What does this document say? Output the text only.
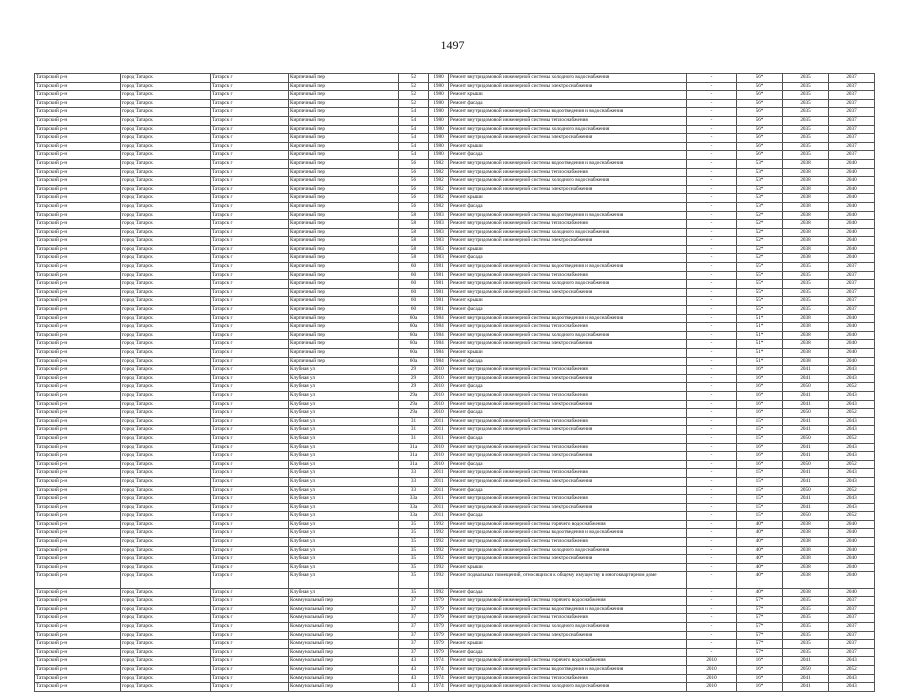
1497
Татарский р-н	город Татарск	Татарск г	Кирпичный пер	52	1980	Ремонт внутридомовой инженерной системы холодного водоснабжения	-	56*	2035	2037
Татарский р-н	город Татарск	Татарск г	Кирпичный пер	52	1980	Ремонт внутридомовой инженерной системы электроснабжения	-	56*	2035	2037
Татарский р-н	город Татарск	Татарск г	Кирпичный пер	52	1980	Ремонт крыши	-	56*	2035	2037
Татарский р-н	город Татарск	Татарск г	Кирпичный пер	52	1980	Ремонт фасада	-	56*	2035	2037
Татарский р-н	город Татарск	Татарск г	Кирпичный пер	54	1980	Ремонт внутридомовой инженерной системы водоотведения и водоснабжения	-	56*	2035	2037
Татарский р-н	город Татарск	Татарск г	Кирпичный пер	54	1980	Ремонт внутридомовой инженерной системы теплоснабжения	-	56*	2035	2037
Татарский р-н	город Татарск	Татарск г	Кирпичный пер	54	1980	Ремонт внутридомовой инженерной системы холодного водоснабжения	-	56*	2035	2037
Татарский р-н	город Татарск	Татарск г	Кирпичный пер	54	1980	Ремонт внутридомовой инженерной системы электроснабжения	-	56*	2035	2037
Татарский р-н	город Татарск	Татарск г	Кирпичный пер	54	1980	Ремонт крыши	-	56*	2035	2037
Татарский р-н	город Татарск	Татарск г	Кирпичный пер	54	1980	Ремонт фасада	-	56*	2035	2037
Татарский р-н	город Татарск	Татарск г	Кирпичный пер	56	1982	Ремонт внутридомовой инженерной системы водоотведения и водоснабжения	-	53*	2038	2040
Татарский р-н	город Татарск	Татарск г	Кирпичный пер	56	1982	Ремонт внутридомовой инженерной системы теплоснабжения	-	53*	2038	2040
Татарский р-н	город Татарск	Татарск г	Кирпичный пер	56	1982	Ремонт внутридомовой инженерной системы холодного водоснабжения	-	53*	2038	2040
Татарский р-н	город Татарск	Татарск г	Кирпичный пер	56	1982	Ремонт внутридомовой инженерной системы электроснабжения	-	53*	2038	2040
Татарский р-н	город Татарск	Татарск г	Кирпичный пер	56	1982	Ремонт крыши	-	53*	2038	2040
Татарский р-н	город Татарск	Татарск г	Кирпичный пер	56	1982	Ремонт фасада	-	53*	2038	2040
Татарский р-н	город Татарск	Татарск г	Кирпичный пер	58	1983	Ремонт внутридомовой инженерной системы водоотведения и водоснабжения	-	52*	2038	2040
Татарский р-н	город Татарск	Татарск г	Кирпичный пер	58	1983	Ремонт внутридомовой инженерной системы теплоснабжения	-	52*	2038	2040
Татарский р-н	город Татарск	Татарск г	Кирпичный пер	58	1983	Ремонт внутридомовой инженерной системы холодного водоснабжения	-	52*	2038	2040
Татарский р-н	город Татарск	Татарск г	Кирпичный пер	58	1983	Ремонт внутридомовой инженерной системы электроснабжения	-	52*	2038	2040
Татарский р-н	город Татарск	Татарск г	Кирпичный пер	58	1983	Ремонт крыши	-	52*	2038	2040
Татарский р-н	город Татарск	Татарск г	Кирпичный пер	58	1983	Ремонт фасада	-	52*	2038	2040
Татарский р-н	город Татарск	Татарск г	Кирпичный пер	60	1981	Ремонт внутридомовой инженерной системы водоотведения и водоснабжения	-	55*	2035	2037
Татарский р-н	город Татарск	Татарск г	Кирпичный пер	60	1981	Ремонт внутридомовой инженерной системы теплоснабжения	-	55*	2035	2037
Татарский р-н	город Татарск	Татарск г	Кирпичный пер	60	1981	Ремонт внутридомовой инженерной системы холодного водоснабжения	-	55*	2035	2037
Татарский р-н	город Татарск	Татарск г	Кирпичный пер	60	1981	Ремонт внутридомовой инженерной системы электроснабжения	-	55*	2035	2037
Татарский р-н	город Татарск	Татарск г	Кирпичный пер	60	1981	Ремонт крыши	-	55*	2035	2037
Татарский р-н	город Татарск	Татарск г	Кирпичный пер	60	1981	Ремонт фасада	-	55*	2035	2037
Татарский р-н	город Татарск	Татарск г	Кирпичный пер	60а	1984	Ремонт внутридомовой инженерной системы водоотведения и водоснабжения	-	51*	2038	2040
Татарский р-н	город Татарск	Татарск г	Кирпичный пер	60а	1984	Ремонт внутридомовой инженерной системы теплоснабжения	-	51*	2038	2040
Татарский р-н	город Татарск	Татарск г	Кирпичный пер	60а	1984	Ремонт внутридомовой инженерной системы холодного водоснабжения	-	51*	2038	2040
Татарский р-н	город Татарск	Татарск г	Кирпичный пер	60а	1984	Ремонт внутридомовой инженерной системы электроснабжения	-	51*	2038	2040
Татарский р-н	город Татарск	Татарск г	Кирпичный пер	60а	1984	Ремонт крыши	-	51*	2038	2040
Татарский р-н	город Татарск	Татарск г	Кирпичный пер	60а	1984	Ремонт фасада	-	51*	2038	2040
Татарский р-н	город Татарск	Татарск г	Клубная ул	29	2010	Ремонт внутридомовой инженерной системы теплоснабжения	-	16*	2041	2043
Татарский р-н	город Татарск	Татарск г	Клубная ул	29	2010	Ремонт внутридомовой инженерной системы электроснабжения	-	16*	2041	2043
Татарский р-н	город Татарск	Татарск г	Клубная ул	29	2010	Ремонт фасада	-	16*	2050	2052
Татарский р-н	город Татарск	Татарск г	Клубная ул	29а	2010	Ремонт внутридомовой инженерной системы теплоснабжения	-	16*	2041	2043
Татарский р-н	город Татарск	Татарск г	Клубная ул	29а	2010	Ремонт внутридомовой инженерной системы электроснабжения	-	16*	2041	2043
Татарский р-н	город Татарск	Татарск г	Клубная ул	29а	2010	Ремонт фасада	-	16*	2050	2052
Татарский р-н	город Татарск	Татарск г	Клубная ул	31	2011	Ремонт внутридомовой инженерной системы теплоснабжения	-	15*	2041	2043
Татарский р-н	город Татарск	Татарск г	Клубная ул	31	2011	Ремонт внутридомовой инженерной системы электроснабжения	-	15*	2041	2043
Татарский р-н	город Татарск	Татарск г	Клубная ул	31	2011	Ремонт фасада	-	15*	2050	2052
Татарский р-н	город Татарск	Татарск г	Клубная ул	31а	2010	Ремонт внутридомовой инженерной системы теплоснабжения	-	16*	2041	2043
Татарский р-н	город Татарск	Татарск г	Клубная ул	31а	2010	Ремонт внутридомовой инженерной системы электроснабжения	-	16*	2041	2043
Татарский р-н	город Татарск	Татарск г	Клубная ул	31а	2010	Ремонт фасада	-	16*	2050	2052
Татарский р-н	город Татарск	Татарск г	Клубная ул	33	2011	Ремонт внутридомовой инженерной системы теплоснабжения	-	15*	2041	2043
Татарский р-н	город Татарск	Татарск г	Клубная ул	33	2011	Ремонт внутридомовой инженерной системы электроснабжения	-	15*	2041	2043
Татарский р-н	город Татарск	Татарск г	Клубная ул	33	2011	Ремонт фасада	-	15*	2050	2052
Татарский р-н	город Татарск	Татарск г	Клубная ул	33а	2011	Ремонт внутридомовой инженерной системы теплоснабжения	-	15*	2041	2043
Татарский р-н	город Татарск	Татарск г	Клубная ул	33а	2011	Ремонт внутридомовой инженерной системы электроснабжения	-	15*	2041	2043
Татарский р-н	город Татарск	Татарск г	Клубная ул	33а	2011	Ремонт фасада	-	15*	2050	2052
Татарский р-н	город Татарск	Татарск г	Клубная ул	35	1992	Ремонт внутридомовой инженерной системы горячего водоснабжения	-	40*	2038	2040
Татарский р-н	город Татарск	Татарск г	Клубная ул	35	1992	Ремонт внутридомовой инженерной системы водоотведения и водоснабжения	-	40*	2038	2040
Татарский р-н	город Татарск	Татарск г	Клубная ул	35	1992	Ремонт внутридомовой инженерной системы теплоснабжения	-	40*	2038	2040
Татарский р-н	город Татарск	Татарск г	Клубная ул	35	1992	Ремонт внутридомовой инженерной системы холодного водоснабжения	-	40*	2038	2040
Татарский р-н	город Татарск	Татарск г	Клубная ул	35	1992	Ремонт внутридомовой инженерной системы электроснабжения	-	40*	2038	2040
Татарский р-н	город Татарск	Татарск г	Клубная ул	35	1992	Ремонт крыши	-	40*	2038	2040
Татарский р-н	город Татарск	Татарск г	Клубная ул	35	1992	Ремонт подвальных помещений, относящихся к общему имуществу в многоквартирном доме	-	40*	2038	2040
Татарский р-н	город Татарск	Татарск г	Клубная ул	35	1992	Ремонт фасада	-	40*	2038	2040
Татарский р-н	город Татарск	Татарск г	Коммунальный пер	37	1979	Ремонт внутридомовой инженерной системы горячего водоснабжения	-	57*	2035	2037
Татарский р-н	город Татарск	Татарск г	Коммунальный пер	37	1979	Ремонт внутридомовой инженерной системы водоотведения и водоснабжения	-	57*	2035	2037
Татарский р-н	город Татарск	Татарск г	Коммунальный пер	37	1979	Ремонт внутридомовой инженерной системы теплоснабжения	-	57*	2035	2037
Татарский р-н	город Татарск	Татарск г	Коммунальный пер	37	1979	Ремонт внутридомовой инженерной системы холодного водоснабжения	-	57*	2035	2037
Татарский р-н	город Татарск	Татарск г	Коммунальный пер	37	1979	Ремонт внутридомовой инженерной системы электроснабжения	-	57*	2035	2037
Татарский р-н	город Татарск	Татарск г	Коммунальный пер	37	1979	Ремонт крыши	-	57*	2035	2037
Татарский р-н	город Татарск	Татарск г	Коммунальный пер	37	1979	Ремонт фасада	-	57*	2035	2037
Татарский р-н	город Татарск	Татарск г	Коммунальный пер	43	1974	Ремонт внутридомовой инженерной системы горячего водоснабжения	2010	16*	2041	2043
Татарский р-н	город Татарск	Татарск г	Коммунальный пер	43	1974	Ремонт внутридомовой инженерной системы водоотведения и водоснабжения	2010	16*	2050	2052
Татарский р-н	город Татарск	Татарск г	Коммунальный пер	43	1974	Ремонт внутридомовой инженерной системы теплоснабжения	2010	16*	2041	2043
Татарский р-н	город Татарск	Татарск г	Коммунальный пер	43	1974	Ремонт внутридомовой инженерной системы холодного водоснабжения	2010	16*	2041	2043
